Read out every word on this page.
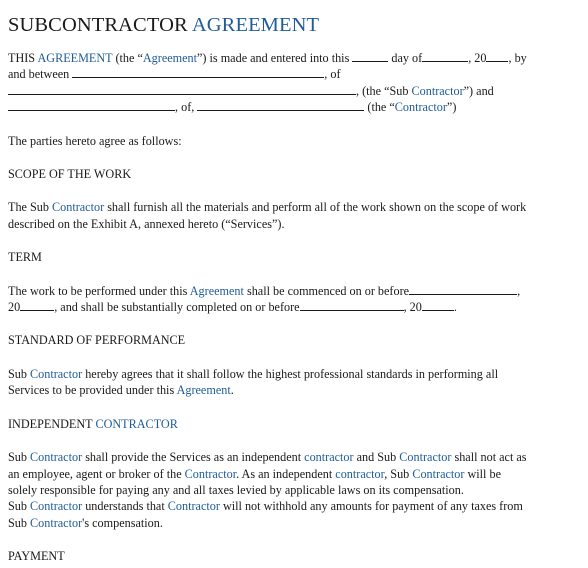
SUBCONTRACTOR AGREEMENT
THIS AGREEMENT (the “Agreement”) is made and entered into this	day of	, 20 , by
and between	, of
, (the “Sub Contractor”) and
, of,	(the “Contractor”)
The parties hereto agree as follows:
SCOPE OF THE WORK
The Sub Contractor shall furnish all the materials and perform all of the work shown on the scope of work
described on the Exhibit A, annexed hereto (“Services”).
TERM
The work to be performed under this Agreement shall be commenced on or before	,
20	, and shall be substantially completed on or before	, 20	.
STANDARD OF PERFORMANCE
Sub Contractor hereby agrees that it shall follow the highest professional standards in performing all
Services to be provided under this Agreement.
INDEPENDENT CONTRACTOR
Sub Contractor shall provide the Services as an independent contractor and Sub Contractor shall not act as
an employee, agent or broker of the Contractor. As an independent contractor, Sub Contractor will be
solely responsible for paying any and all taxes levied by applicable laws on its compensation.
Sub Contractor understands that Contractor will not withhold any amounts for payment of any taxes from
Sub Contractor's compensation.
PAYMENT
